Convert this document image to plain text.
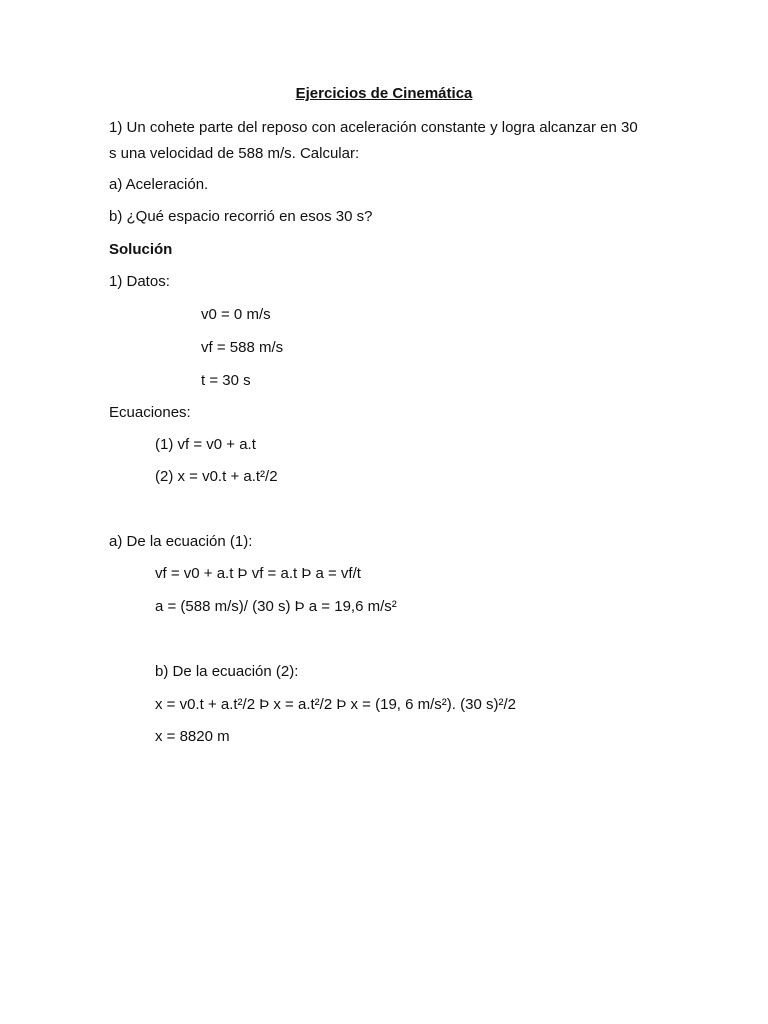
Ejercicios de Cinemática
1) Un cohete parte del reposo con aceleración constante y logra alcanzar en 30
s una velocidad de 588 m/s. Calcular:
a) Aceleración.
b) ¿Qué espacio recorrió en esos 30 s?
Solución
1) Datos:
v0 = 0 m/s
vf = 588 m/s
t = 30 s
Ecuaciones:
(1) vf = v0 + a.t
(2) x = v0.t + a.t²/2
a) De la ecuación (1):
vf = v0 + a.t Þ vf = a.t Þ a = vf/t
a = (588 m/s)/ (30 s) Þ a = 19,6 m/s²
b) De la ecuación (2):
x = v0.t + a.t²/2 Þ x = a.t²/2 Þ x = (19, 6 m/s²). (30 s)²/2
x = 8820 m
